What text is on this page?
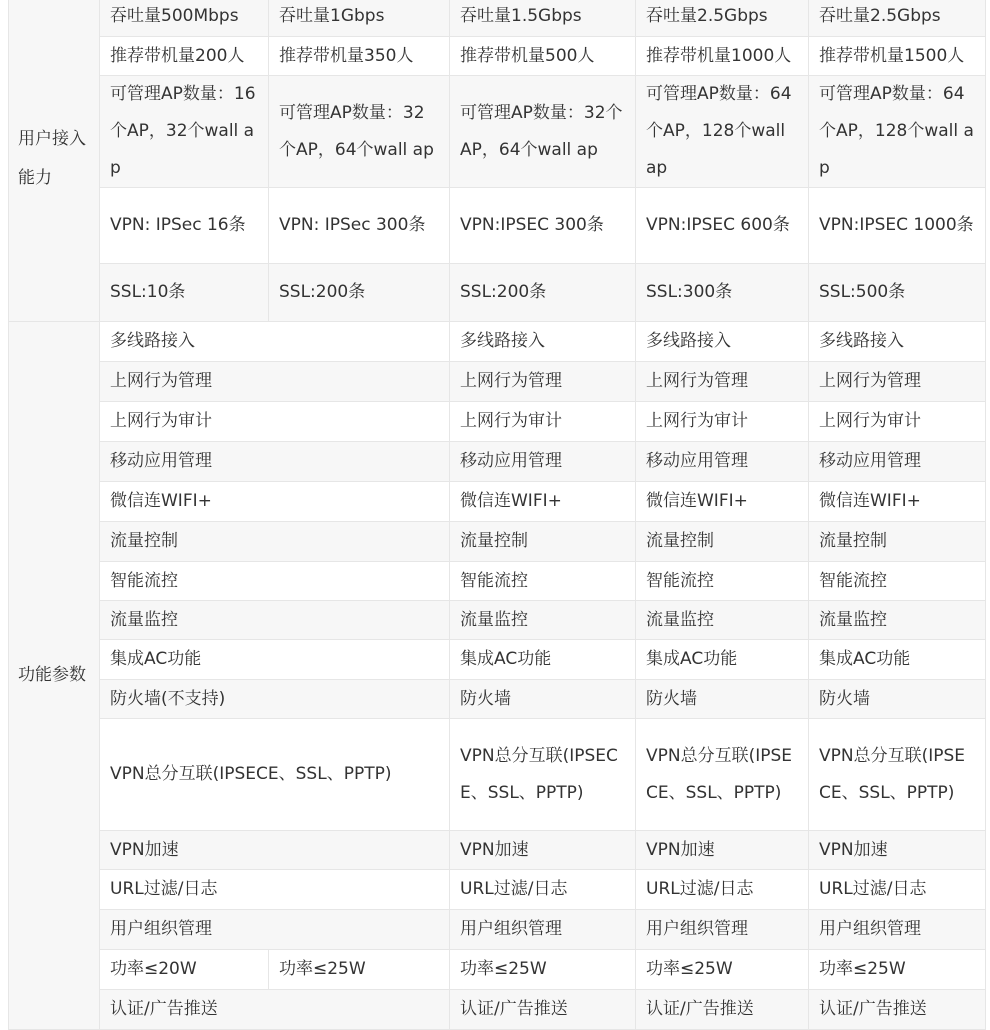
用户接入能力	吞吐量500Mbps	吞吐量1Gbps	吞吐量1.5Gbps	吞吐量2.5Gbps	吞吐量2.5Gbps
	推荐带机量200人	推荐带机量350人	推荐带机量500人	推荐带机量1000人	推荐带机量1500人
	可管理AP数量：16个AP，32个wall ap	可管理AP数量：32个AP，64个wall ap	可管理AP数量：32个AP，64个wall ap	可管理AP数量：64个AP，128个wall ap	可管理AP数量：64个AP，128个wall ap
	VPN: IPSec 16条	VPN: IPSec 300条	VPN:IPSEC 300条	VPN:IPSEC 600条	VPN:IPSEC 1000条
	SSL:10条	SSL:200条	SSL:200条	SSL:300条	SSL:500条
功能参数	多线路接入		多线路接入	多线路接入	多线路接入
	上网行为管理		上网行为管理	上网行为管理	上网行为管理
	上网行为审计		上网行为审计	上网行为审计	上网行为审计
	移动应用管理		移动应用管理	移动应用管理	移动应用管理
	微信连WIFI+		微信连WIFI+	微信连WIFI+	微信连WIFI+
	流量控制		流量控制	流量控制	流量控制
	智能流控		智能流控	智能流控	智能流控
	流量监控		流量监控	流量监控	流量监控
	集成AC功能		集成AC功能	集成AC功能	集成AC功能
	防火墙(不支持)		防火墙	防火墙	防火墙
	VPN总分互联(IPSECE、SSL、PPTP)		VPN总分互联(IPSECE、SSL、PPTP)	VPN总分互联(IPSECE、SSL、PPTP)	VPN总分互联(IPSECE、SSL、PPTP)
	VPN加速		VPN加速	VPN加速	VPN加速
	URL过滤/日志		URL过滤/日志	URL过滤/日志	URL过滤/日志
	用户组织管理		用户组织管理	用户组织管理	用户组织管理
	功率≤20W	功率≤25W	功率≤25W	功率≤25W	功率≤25W
	认证/广告推送		认证/广告推送	认证/广告推送	认证/广告推送
